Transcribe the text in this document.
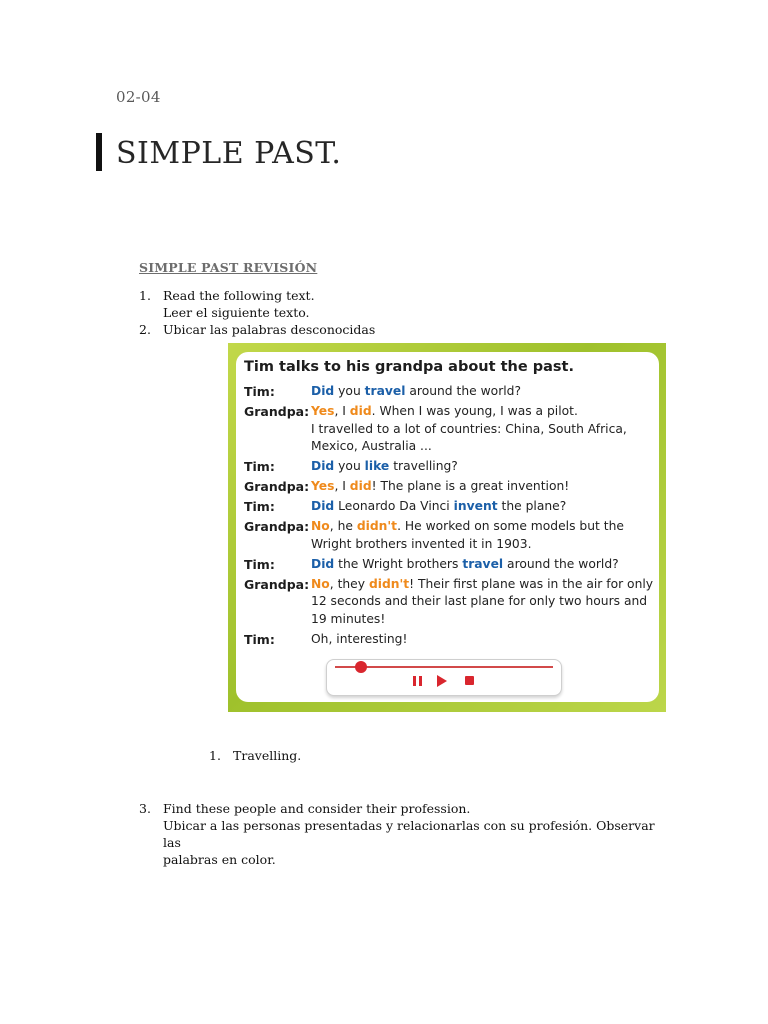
02-04
SIMPLE PAST.
SIMPLE PAST REVISIÓN
1. Read the following text.
Leer el siguiente texto.
2. Ubicar las palabras desconocidas
Tim talks to his grandpa about the past.
Tim:	Did you travel around the world?
Grandpa: Yes, I did. When I was young, I was a pilot.
I travelled to a lot of countries: China, South Africa,
Mexico, Australia ...
Tim:	Did you like travelling?
Grandpa: Yes, I did! The plane is a great invention!
Tim:	Did Leonardo Da Vinci invent the plane?
Grandpa: No, he didn't. He worked on some models but the
Wright brothers invented it in 1903.
Tim:	Did the Wright brothers travel around the world?
Grandpa: No, they didn't! Their first plane was in the air for only
12 seconds and their last plane for only two hours and
19 minutes!
Tim:	Oh, interesting!
1. Travelling.
3. Find these people and consider their profession.
Ubicar a las personas presentadas y relacionarlas con su profesión. Observar las
palabras en color.
